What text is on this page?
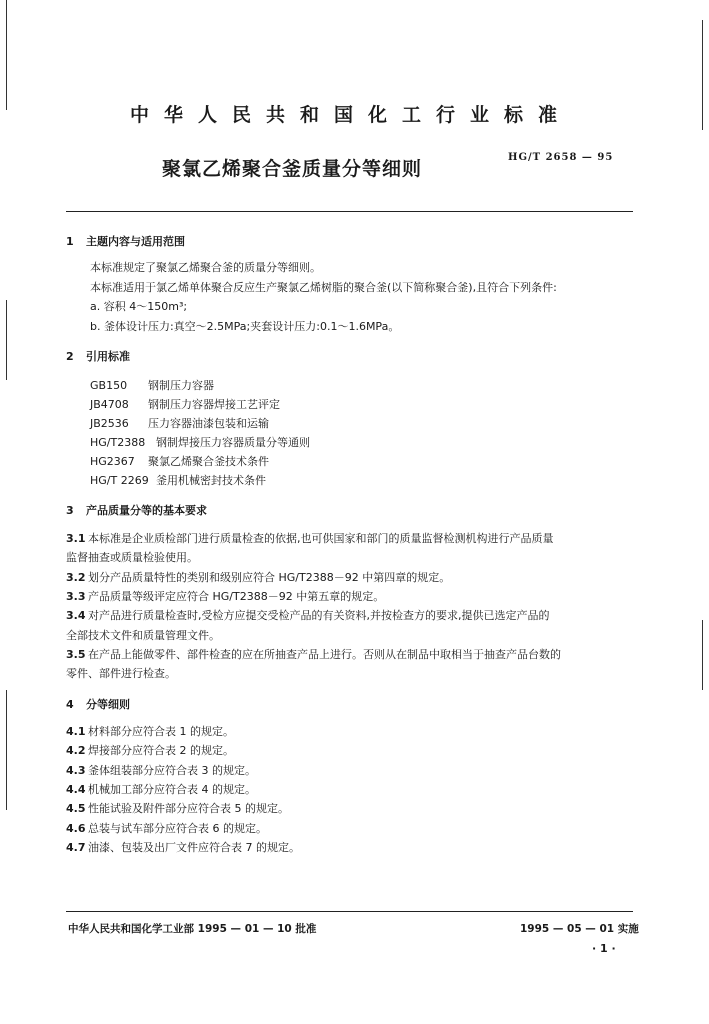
中华人民共和国化工行业标准
聚氯乙烯聚合釜质量分等细则
HG/T 2658 — 95
1 主题内容与适用范围
本标准规定了聚氯乙烯聚合釜的质量分等细则。
本标准适用于氯乙烯单体聚合反应生产聚氯乙烯树脂的聚合釜(以下简称聚合釜),且符合下列条件:
a. 容积 4～150m³;
b. 釜体设计压力:真空～2.5MPa;夹套设计压力:0.1～1.6MPa。
2 引用标准
GB150 钢制压力容器
JB4708 钢制压力容器焊接工艺评定
JB2536 压力容器油漆包装和运输
HG/T2388 钢制焊接压力容器质量分等通则
HG2367 聚氯乙烯聚合釜技术条件
HG/T 2269 釜用机械密封技术条件
3 产品质量分等的基本要求
3.1 本标准是企业质检部门进行质量检查的依据,也可供国家和部门的质量监督检测机构进行产品质量
监督抽查或质量检验使用。
3.2 划分产品质量特性的类别和级别应符合 HG/T2388－92 中第四章的规定。
3.3 产品质量等级评定应符合 HG/T2388－92 中第五章的规定。
3.4 对产品进行质量检查时,受检方应提交受检产品的有关资料,并按检查方的要求,提供已选定产品的
全部技术文件和质量管理文件。
3.5 在产品上能做零件、部件检查的应在所抽查产品上进行。否则从在制品中取相当于抽查产品台数的
零件、部件进行检查。
4 分等细则
4.1 材料部分应符合表 1 的规定。
4.2 焊接部分应符合表 2 的规定。
4.3 釜体组装部分应符合表 3 的规定。
4.4 机械加工部分应符合表 4 的规定。
4.5 性能试验及附件部分应符合表 5 的规定。
4.6 总装与试车部分应符合表 6 的规定。
4.7 油漆、包装及出厂文件应符合表 7 的规定。
中华人民共和国化学工业部 1995 — 01 — 10 批准	1995 — 05 — 01 实施
· 1 ·
